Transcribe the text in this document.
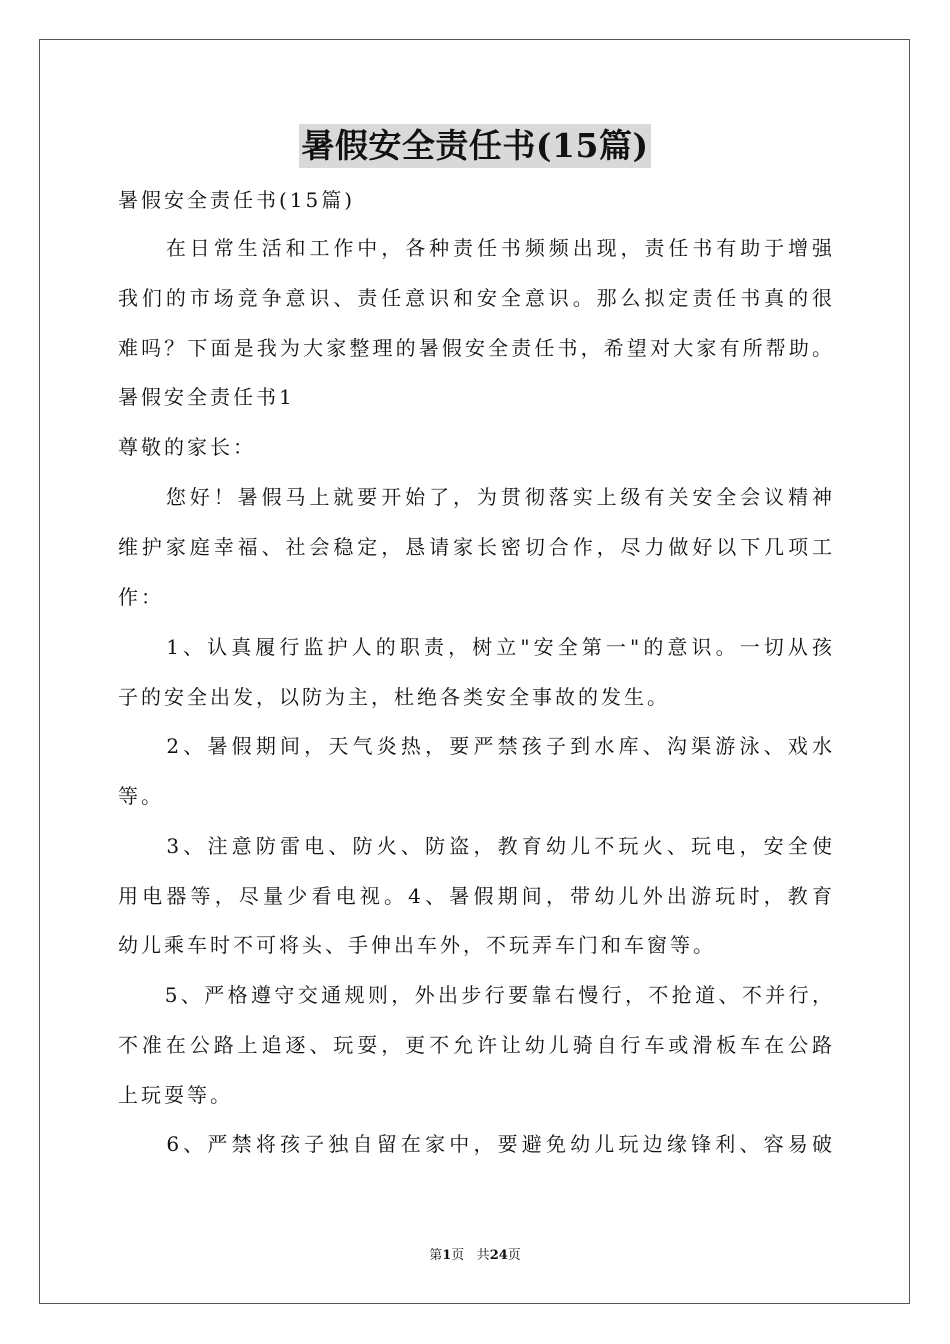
暑假安全责任书(15篇)
暑假安全责任书(15篇)
　　在日常生活和工作中，各种责任书频频出现，责任书有助于增强
我们的市场竞争意识、责任意识和安全意识。那么拟定责任书真的很
难吗？下面是我为大家整理的暑假安全责任书，希望对大家有所帮助。
暑假安全责任书1
尊敬的家长：
　　您好！暑假马上就要开始了，为贯彻落实上级有关安全会议精神
维护家庭幸福、社会稳定，恳请家长密切合作，尽力做好以下几项工
作：
　　1、认真履行监护人的职责，树立"安全第一"的意识。一切从孩
子的安全出发，以防为主，杜绝各类安全事故的发生。
　　2、暑假期间，天气炎热，要严禁孩子到水库、沟渠游泳、戏水
等。
　　3、注意防雷电、防火、防盗，教育幼儿不玩火、玩电，安全使
用电器等，尽量少看电视。4、暑假期间，带幼儿外出游玩时，教育
幼儿乘车时不可将头、手伸出车外，不玩弄车门和车窗等。
　　5、严格遵守交通规则，外出步行要靠右慢行，不抢道、不并行，
不准在公路上追逐、玩耍，更不允许让幼儿骑自行车或滑板车在公路
上玩耍等。
　　6、严禁将孩子独自留在家中，要避免幼儿玩边缘锋利、容易破
第1页 共24页
